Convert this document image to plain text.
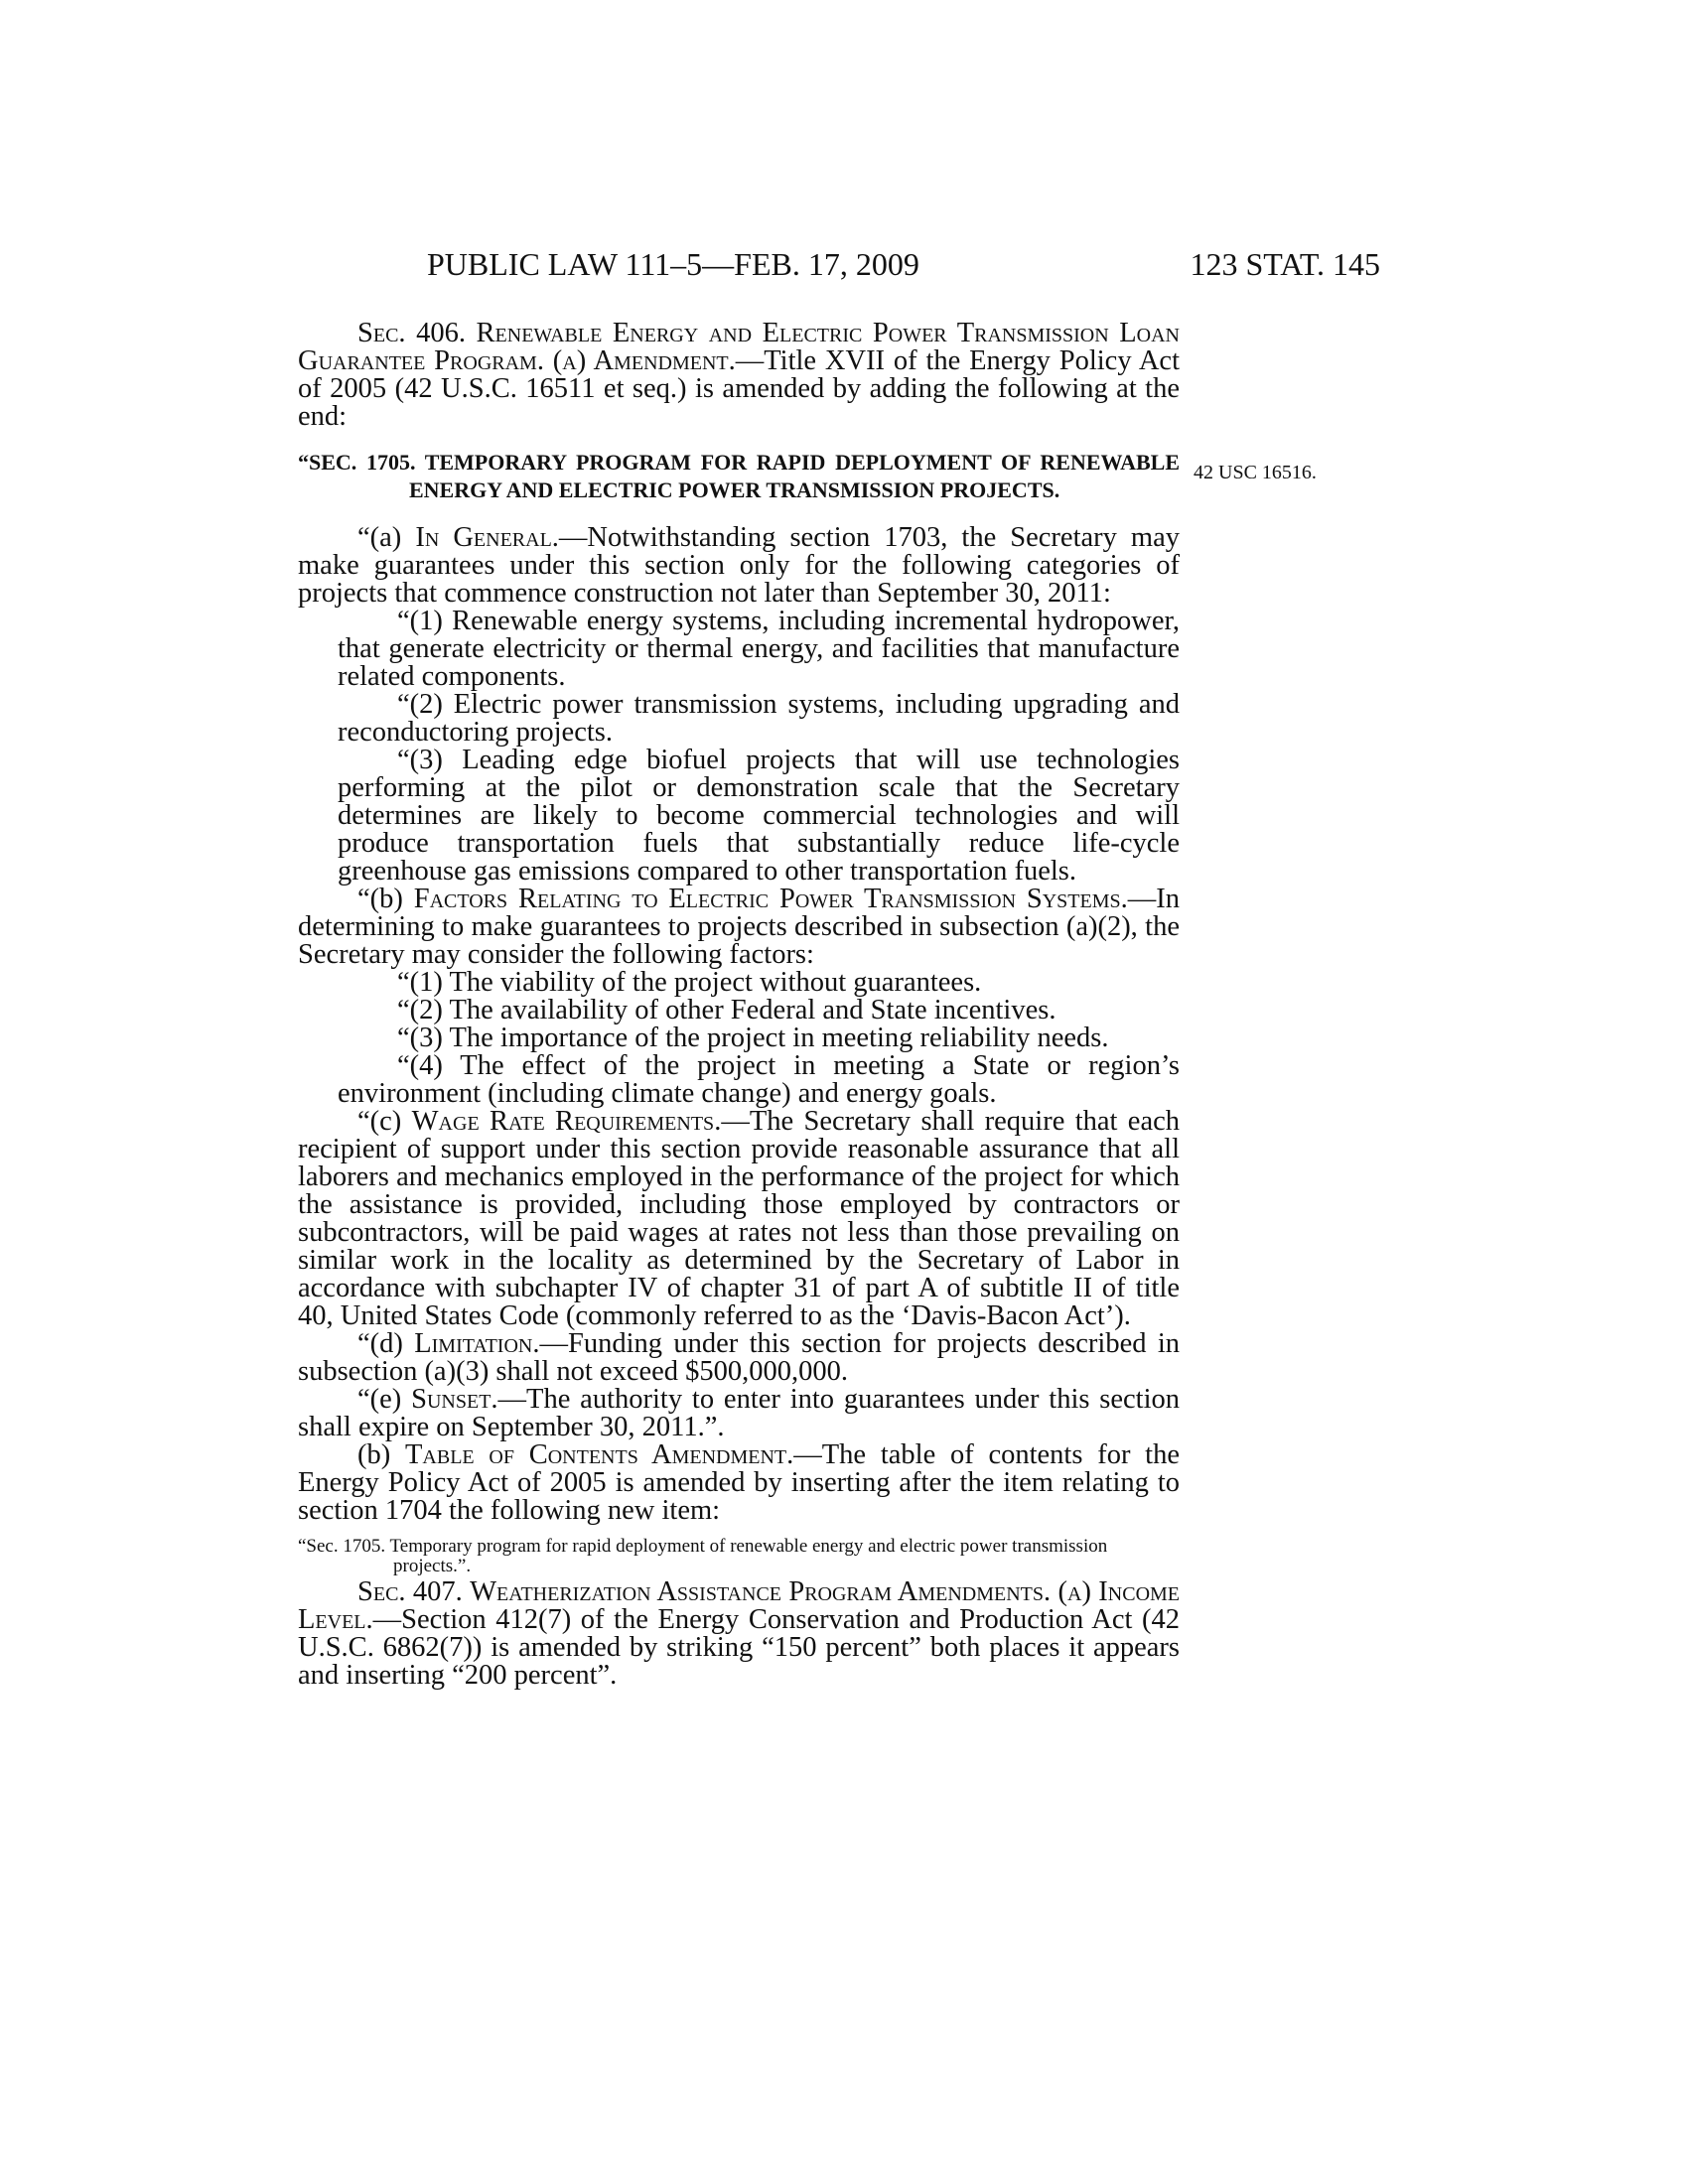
PUBLIC LAW 111–5—FEB. 17, 2009	123 STAT. 145
42 USC 16516.

Sec. 406. Renewable Energy and Electric Power Transmission Loan Guarantee Program. (a) Amendment.—Title XVII of the Energy Policy Act of 2005 (42 U.S.C. 16511 et seq.) is amended by adding the following at the end:

“SEC. 1705. TEMPORARY PROGRAM FOR RAPID DEPLOYMENT OF RENEWABLE ENERGY AND ELECTRIC POWER TRANSMISSION PROJECTS.

“(a) In General.—Notwithstanding section 1703, the Secretary may make guarantees under this section only for the following categories of projects that commence construction not later than September 30, 2011:

“(1) Renewable energy systems, including incremental hydropower, that generate electricity or thermal energy, and facilities that manufacture related components.

“(2) Electric power transmission systems, including upgrading and reconductoring projects.

“(3) Leading edge biofuel projects that will use technologies performing at the pilot or demonstration scale that the Secretary determines are likely to become commercial technologies and will produce transportation fuels that substantially reduce life-cycle greenhouse gas emissions compared to other transportation fuels.

“(b) Factors Relating to Electric Power Transmission Systems.—In determining to make guarantees to projects described in subsection (a)(2), the Secretary may consider the following factors:

“(1) The viability of the project without guarantees.

“(2) The availability of other Federal and State incentives.

“(3) The importance of the project in meeting reliability needs.

“(4) The effect of the project in meeting a State or region’s environment (including climate change) and energy goals.

“(c) Wage Rate Requirements.—The Secretary shall require that each recipient of support under this section provide reasonable assurance that all laborers and mechanics employed in the performance of the project for which the assistance is provided, including those employed by contractors or subcontractors, will be paid wages at rates not less than those prevailing on similar work in the locality as determined by the Secretary of Labor in accordance with subchapter IV of chapter 31 of part A of subtitle II of title 40, United States Code (commonly referred to as the ‘Davis-Bacon Act’).

“(d) Limitation.—Funding under this section for projects described in subsection (a)(3) shall not exceed $500,000,000.

“(e) Sunset.—The authority to enter into guarantees under this section shall expire on September 30, 2011.”.

(b) Table of Contents Amendment.—The table of contents for the Energy Policy Act of 2005 is amended by inserting after the item relating to section 1704 the following new item:

“Sec. 1705. Temporary program for rapid deployment of renewable energy and electric power transmission projects.”.

Sec. 407. Weatherization Assistance Program Amendments. (a) Income Level.—Section 412(7) of the Energy Conservation and Production Act (42 U.S.C. 6862(7)) is amended by striking “150 percent” both places it appears and inserting “200 percent”.
